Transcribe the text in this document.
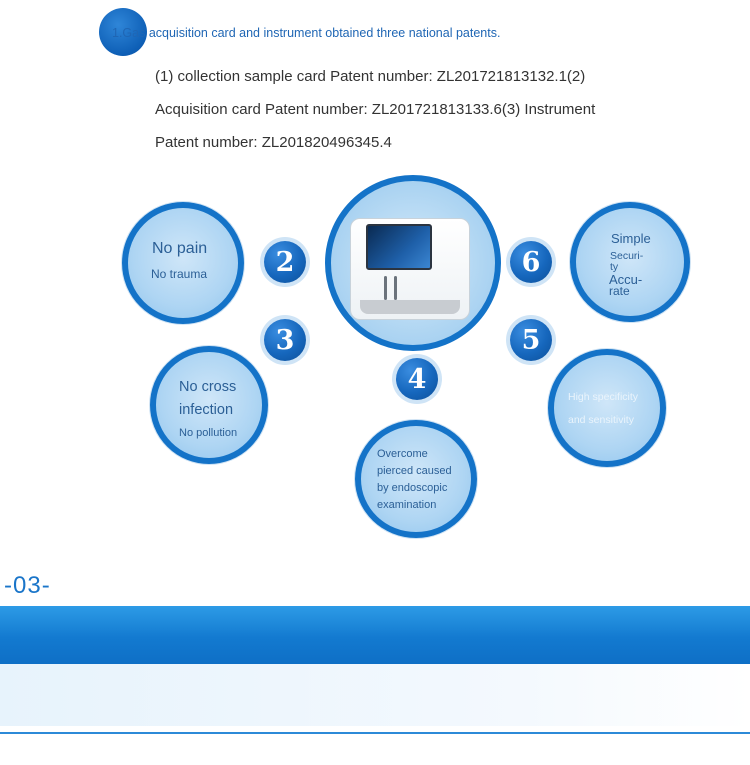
1.Gas acquisition card and instrument obtained three national patents.
(1) collection sample card Patent number: ZL201721813132.1(2) Acquisition card Patent number: ZL201721813133.6(3) Instrument Patent number: ZL201820496345.4
No pain
No trauma	2
No cross
infection
No pollution
3
4
Overcome
pierced caused
by endoscopic
examination
5
High specificity
and sensitivity
6
Simple
Securi-
ty
Accu-
rate
-03-
